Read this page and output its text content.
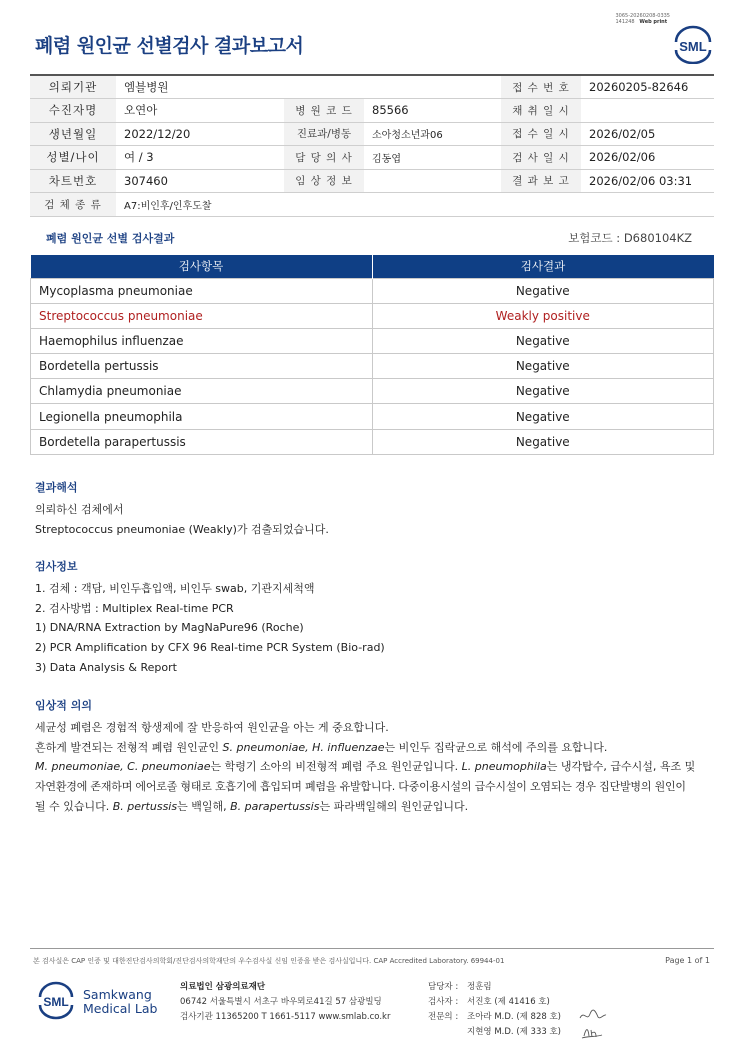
3065-20260208-0335
141248 Web print
폐렴 원인균 선별검사 결과보고서	SML
의뢰기관	엠블병원			접 수 번 호	20260205-82646
수진자명	오연아	병 원 코 드	85566	채 취 일 시	
생년월일	2022/12/20	진료과/병동	소아청소년과06	접 수 일 시	2026/02/05
성별/나이	여 / 3	담 당 의 사	김동엽	검 사 일 시	2026/02/06
차트번호	307460	임 상 정 보		결 과 보 고	2026/02/06 03:31
검 체 종 류	A7:비인후/인후도찰				
폐렴 원인균 선별 검사결과	보험코드 : D680104KZ
검사항목	검사결과
Mycoplasma pneumoniae	Negative
Streptococcus pneumoniae	Weakly positive
Haemophilus influenzae	Negative
Bordetella pertussis	Negative
Chlamydia pneumoniae	Negative
Legionella pneumophila	Negative
Bordetella parapertussis	Negative
결과해석
의뢰하신 검체에서
Streptococcus pneumoniae (Weakly)가 검출되었습니다.
검사정보
1. 검체 : 객담, 비인두흡입액, 비인두 swab, 기관지세척액
2. 검사방법 : Multiplex Real-time PCR
1) DNA/RNA Extraction by MagNaPure96 (Roche)
2) PCR Amplification by CFX 96 Real-time PCR System (Bio-rad)
3) Data Analysis & Report
임상적 의의
세균성 폐렴은 경험적 항생제에 잘 반응하여 원인균을 아는 게 중요합니다.
흔하게 발견되는 전형적 폐렴 원인균인 S. pneumoniae, H. influenzae는 비인두 집락균으로 해석에 주의를 요합니다.
M. pneumoniae, C. pneumoniae는 학령기 소아의 비전형적 폐렴 주요 원인균입니다. L. pneumophila는 냉각탑수, 급수시설, 욕조 및
자연환경에 존재하며 에어로졸 형태로 호흡기에 흡입되며 폐렴을 유발합니다. 다중이용시설의 급수시설이 오염되는 경우 집단발병의 원인이
될 수 있습니다. B. pertussis는 백일해, B. parapertussis는 파라백일해의 원인균입니다.
본 검사실은 CAP 인증 및 대한진단검사의학회/진단검사의학재단의 우수검사실 신임 인증을 받은 검사실입니다. CAP Accredited Laboratory. 69944-01	Page 1 of 1
SML Samkwang
Medical Lab
의료법인 삼광의료재단
06742 서울특별시 서초구 바우뫼로41길 57 삼광빌딩
검사기관 11365200 T 1661-5117 www.smlab.co.kr
담당자 : 정훈림
검사자 : 서진호 (제 41416 호)
전문의 : 조아라 M.D. (제 828 호)
지현영 M.D. (제 333 호)
